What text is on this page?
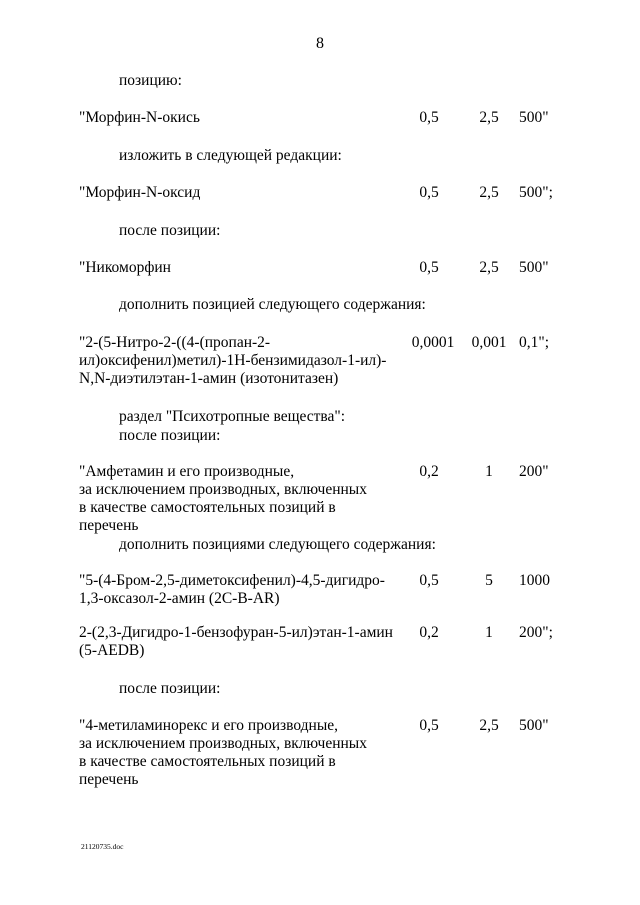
8
позицию:
"Морфин-N-окись	0,5	2,5	500"
изложить в следующей редакции:
"Морфин-N-оксид	0,5	2,5	500";
после позиции:
"Никоморфин	0,5	2,5	500"
дополнить позицией следующего содержания:
"2-(5-Нитро-2-((4-(пропан-2-
ил)оксифенил)метил)-1Н-бензимидазол-1-ил)-
N,N-диэтилэтан-1-амин (изотонитазен)
0,0001	0,001 0,1";
раздел "Психотропные вещества":
после позиции:
"Амфетамин и его производные,
за исключением производных, включенных
в качестве самостоятельных позиций в перечень
0,2	1	200"
дополнить позициями следующего содержания:
"5-(4-Бром-2,5-диметоксифенил)-4,5-дигидро-
1,3-оксазол-2-амин (2С-В-AR)
0,5	5	1000
2-(2,3-Дигидро-1-бензофуран-5-ил)этан-1-амин
(5-AEDB)
0,2	1	200";
после позиции:
"4-метиламинорекс и его производные,
за исключением производных, включенных
в качестве самостоятельных позиций в перечень
0,5	2,5	500"
21120735.doc
